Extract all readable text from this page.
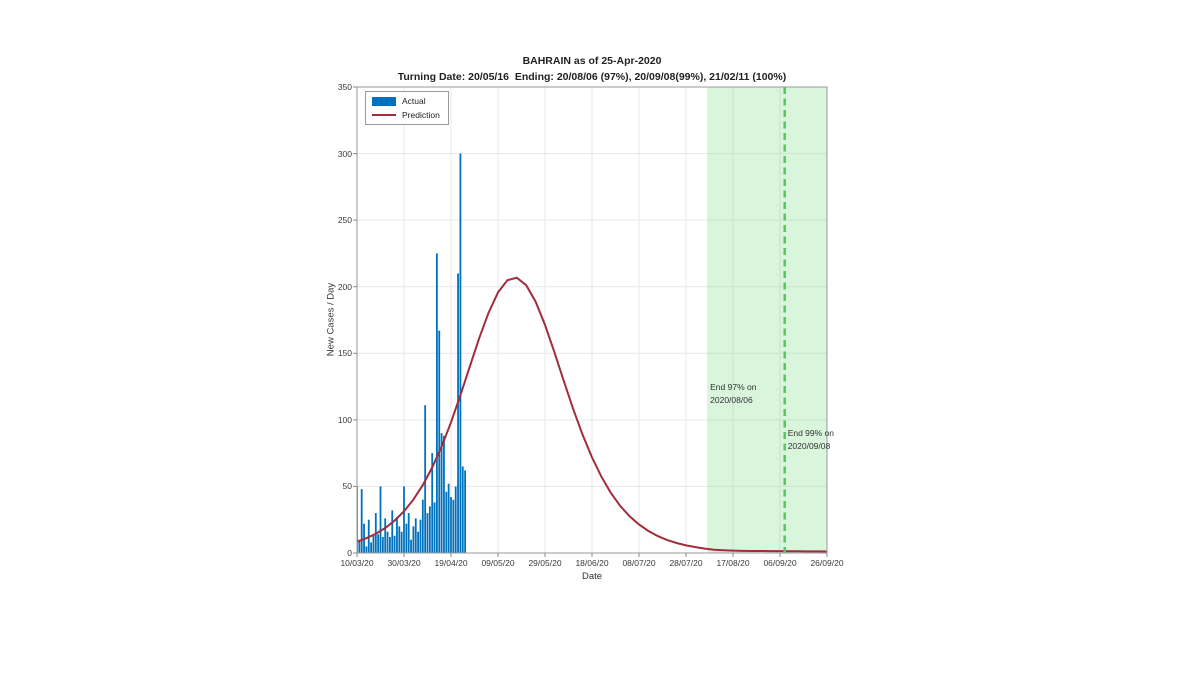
BAHRAIN as of 25-Apr-2020
Turning Date: 20/05/16  Ending: 20/08/06 (97%), 20/09/08(99%), 21/02/11 (100%)
New Cases / Day
Date
Actual
Prediction
End 97% on
2020/08/06
End 99% on
2020/09/08
10/03/20	30/03/20	19/04/20	09/05/20	29/05/20	18/06/20	08/07/20	28/07/20	17/08/20	06/09/20	26/09/20
0
50
100
150
200
250
300
350
